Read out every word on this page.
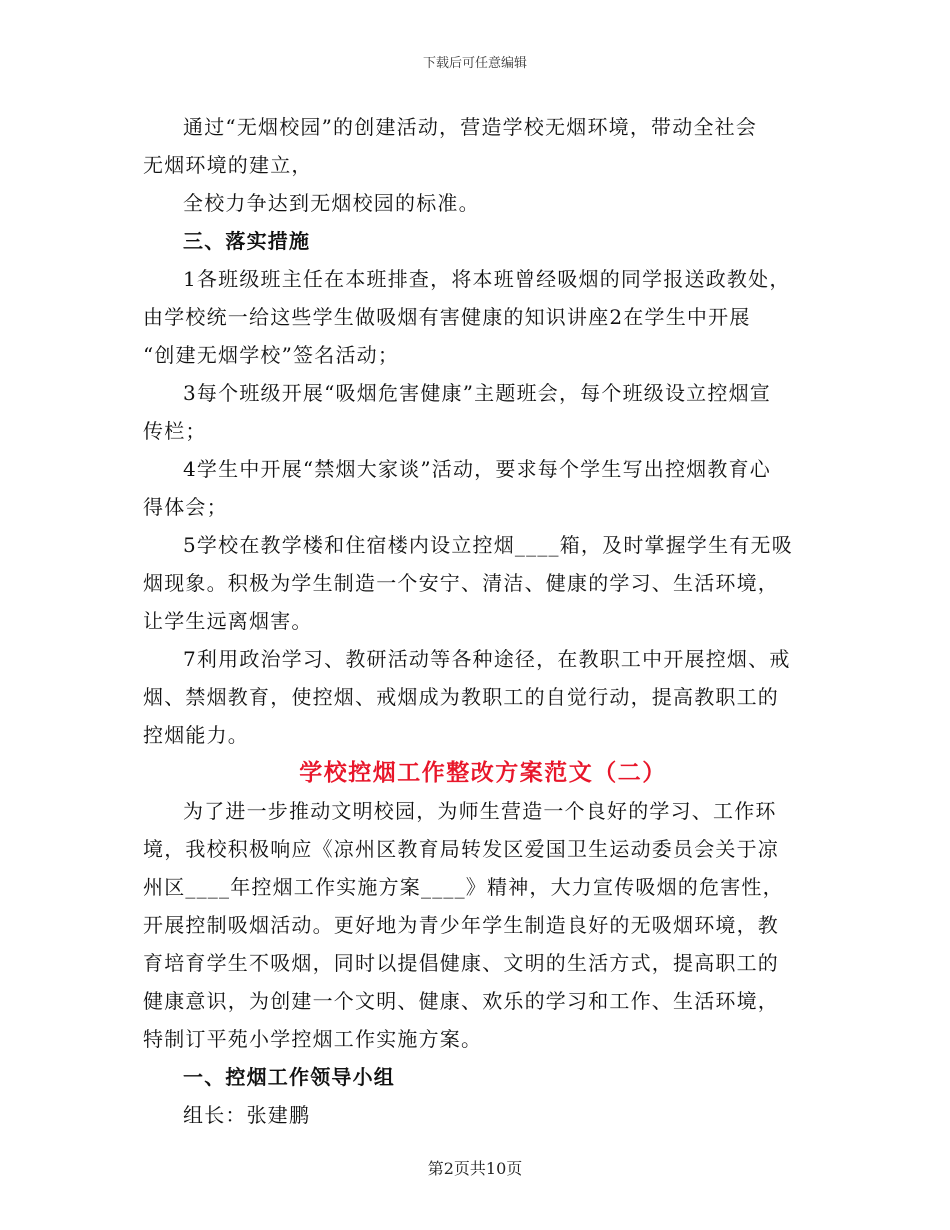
下载后可任意编辑

通过“无烟校园”的创建活动，营造学校无烟环境，带动全社会

无烟环境的建立，

全校力争达到无烟校园的标准。

三、落实措施

1各班级班主任在本班排查，将本班曾经吸烟的同学报送政教处，

由学校统一给这些学生做吸烟有害健康的知识讲座2在学生中开展

“创建无烟学校”签名活动；

3每个班级开展“吸烟危害健康”主题班会，每个班级设立控烟宣

传栏；

4学生中开展“禁烟大家谈”活动，要求每个学生写出控烟教育心

得体会；

5学校在教学楼和住宿楼内设立控烟____箱，及时掌握学生有无吸

烟现象。积极为学生制造一个安宁、清洁、健康的学习、生活环境，

让学生远离烟害。

7利用政治学习、教研活动等各种途径，在教职工中开展控烟、戒

烟、禁烟教育，使控烟、戒烟成为教职工的自觉行动，提高教职工的

控烟能力。

学校控烟工作整改方案范文（二）

为了进一步推动文明校园，为师生营造一个良好的学习、工作环

境，我校积极响应《凉州区教育局转发区爱国卫生运动委员会关于凉

州区____年控烟工作实施方案____》精神，大力宣传吸烟的危害性，

开展控制吸烟活动。更好地为青少年学生制造良好的无吸烟环境，教

育培育学生不吸烟，同时以提倡健康、文明的生活方式，提高职工的

健康意识，为创建一个文明、健康、欢乐的学习和工作、生活环境，

特制订平苑小学控烟工作实施方案。

一、控烟工作领导小组

组长：张建鹏

第2页共10页
